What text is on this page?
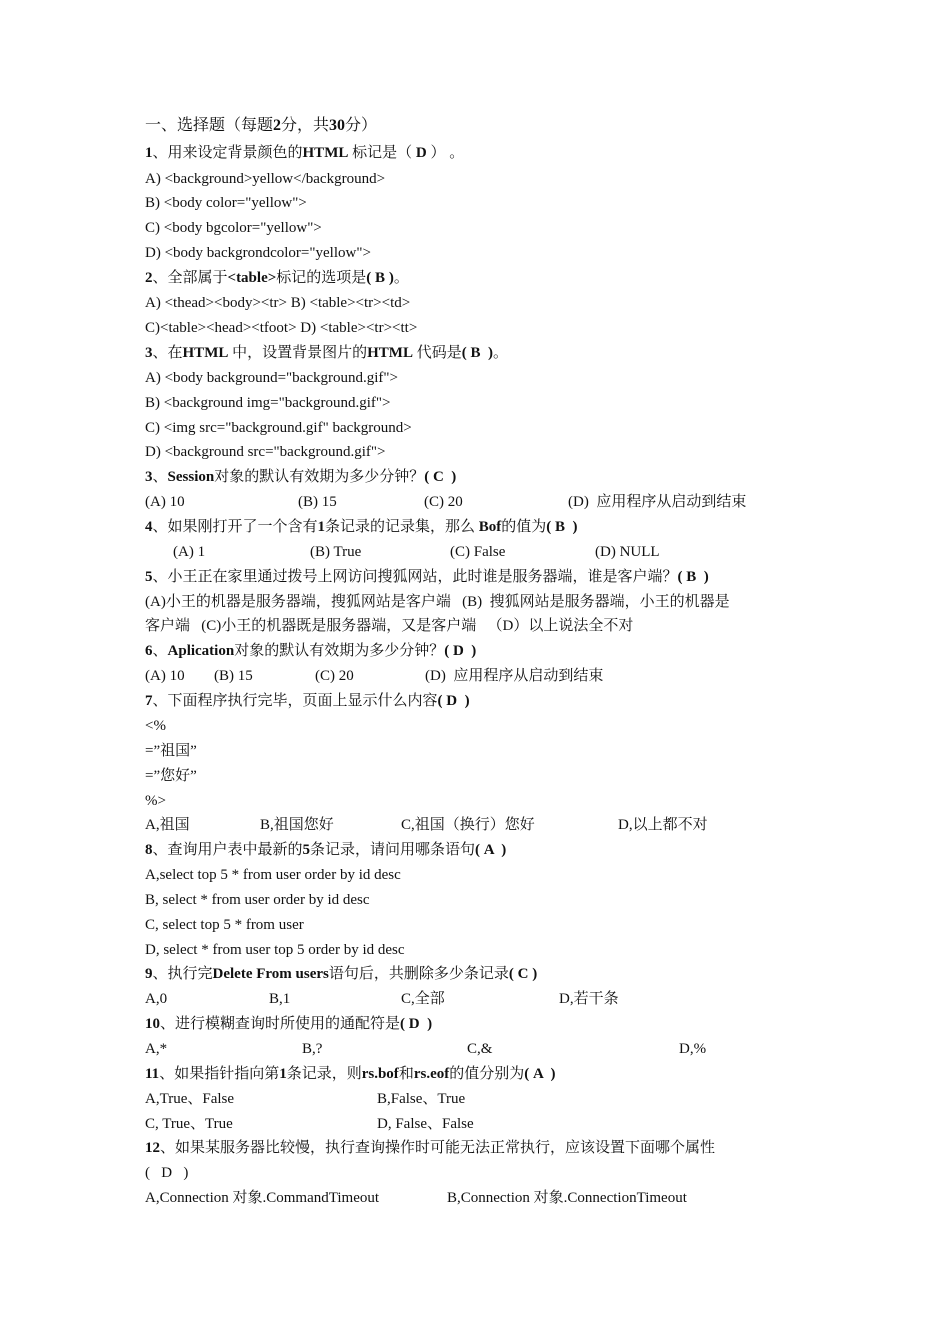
一、选择题（每题2分，共30分）
1、用来设定背景颜色的HTML 标记是（ D ） 。
A) <background>yellow</background>
B) <body color="yellow">
C) <body bgcolor="yellow">
D) <body backgrondcolor="yellow">
2、全部属于<table>标记的选项是( B )。
A) <thead><body><tr> B) <table><tr><td>
C)<table><head><tfoot> D) <table><tr><tt>
3、在HTML 中，设置背景图片的HTML 代码是( B  )。
A) <body background="background.gif">
B) <background img="background.gif">
C) <img src="background.gif" background>
D) <background src="background.gif">
3、Session对象的默认有效期为多少分钟？( C  )
(A) 10	(B) 15	(C) 20	(D)  应用程序从启动到结束
4、如果刚打开了一个含有1条记录的记录集，那么 Bof的值为( B  )
(A) 1	(B) True	(C) False	(D) NULL
5、小王正在家里通过拨号上网访问搜狐网站，此时谁是服务器端，谁是客户端？( B  )
(A)小王的机器是服务器端，搜狐网站是客户端   (B)  搜狐网站是服务器端，小王的机器是
客户端   (C)小王的机器既是服务器端，又是客户端   （D）以上说法全不对
6、Aplication对象的默认有效期为多少分钟？( D  )
(A) 10 (B) 15	(C) 20	(D)  应用程序从启动到结束
7、下面程序执行完毕，页面上显示什么内容( D  )
<%
=”祖国”
=”您好”
%>
A,祖国	B,祖国您好	C,祖国（换行）您好	D,以上都不对
8、查询用户表中最新的5条记录，请问用哪条语句( A  )
A,select top 5 * from user order by id desc
B, select * from user order by id desc
C, select top 5 * from user
D, select * from user top 5 order by id desc
9、执行完Delete From users语句后，共删除多少条记录( C )
A,0	B,1	C,全部	D,若干条
10、进行模糊查询时所使用的通配符是( D  )
A,*	B,?	C,&	D,%
11、如果指针指向第1条记录，则rs.bof和rs.eof的值分别为( A  )
A,True、False	B,False、True
C, True、True	D, False、False
12、如果某服务器比较慢，执行查询操作时可能无法正常执行，应该设置下面哪个属性
(   D   )
A,Connection 对象.CommandTimeout	B,Connection 对象.ConnectionTimeout
